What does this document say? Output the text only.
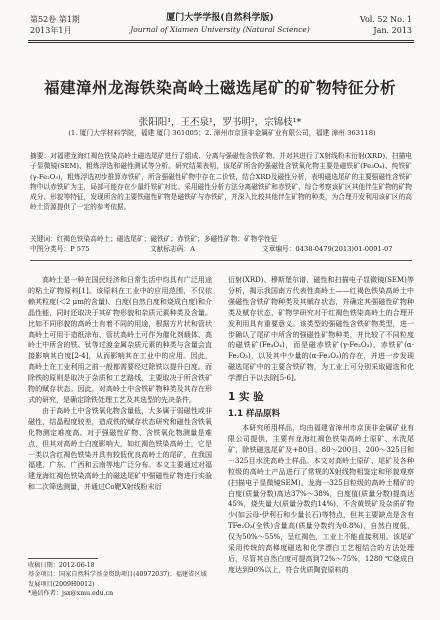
第52卷 第1期
2013年1月
厦门大学学报(自然科学版)
Journal of Xiamen University (Natural Science)
Vol. 52 No. 1
Jan. 2013
福建漳州龙海铁染高岭土磁选尾矿的矿物特征分析
张阳阳¹，王丕泉¹，罗书明²，宗锦枝¹*
(1. 厦门大学材料学院，福建 厦门 361005；2. 漳州市京顶非金属矿业有限公司，福建 漳州 363118)
摘要：对福建龙海红褐色铁染高岭土磁选尾矿进行了组成、分离与强磁性含铁矿物、并对其进行了X射线粉末衍射(XRD)、扫描电子显微镜(SEM)、粗炼浮选和磁性测试等分析。研究结果表明，该尾矿所含的强磁性含铁氧化物主要是磁铁矿(Fe₃O₄)、纯铁矿(γ-Fe₂O₃)，粗炼浮选初步推算赤铁矿，所含强磁性矿物中存在二价铁，结合XRD及磁性分析，表明磁选尾矿的主要强磁性含铁矿物中以赤铁矿为主，局部可能存在少量纤铁矿对比。采用磁性分析方法分离磁铁矿和赤铁矿，综合考察该矿区其他伴生矿物的矿物成分、形貌等特征，发现所含的主要铁磁性矿物是磁铁矿与赤铁矿，并深入比较其他伴生矿物的种类，为合理开发利用该矿区的高岭土资源提供了一定的参考依据。
关键词：红褐色铁染高岭土；磁选尾矿；磁铁矿；赤铁矿；多磁性矿物；矿物学性征
中图分类号：P 575	文献标志码：A	文章编号：0438-0479(2013)01-0091-07

高岭土是一种在国民经济和日常生活中均具有广泛用途的粘土矿物原料[1]。该原料在工业中的应用范围，不仅依赖其粒度(＜2 μm的含量)、白度(自然白度和烧成白度)和介晶性能，同时还取决于其矿物形貌和杂质元素种类及含量。比如不同形貌的高岭土有着不同的用途，根据方片状和管状高岭土可用于造纸涂布、管状高岭土可作为催化剂载体、高岭土中所含的铁、钛等过渡金属杂质元素的种类与含量会直接影响其白度[2-4]，从而影响其在工业中的应用。因此，高岭土在工业利用之前一般都需要经过除铁以提升白度。而除铁的原则是取决于杂质和工艺路线，主要取决于所含铁矿物的赋存状态。因此，对高岭土中含铁矿物种类及其存在形式的研究，是确定除铁处理工艺及其选型的先决条件。

由于高岭土中含铁氧化物含量低，大多属于弱磁性或非磁性，结晶程度较差，造成铁的赋存状态研究和磁性含铁氧化物测定难度高。对于强磁性矿物、含铁氧化物测量是难点，但其对高岭土白度影响大，如红褐色铁染高岭土，它是一类以含红褐色铁染并具有较低优良高岭土的尾矿，在我国福建、广东、广西和云南等地广泛分布。本文主要通过对福建龙海红褐色铁染高岭土的磁选尾矿中强磁性矿物进行实验和二次筛选测量，并通过Co靶X射线粉末衍

收稿日期：2012-06-18
基金项目：国家自然科学基金资助项目(40972037)；福建省区域发展项目(2009H0012)
*通信作者：jsx@xmu.edu.cn

衍射(XRD)、穆斯堡尔谱、磁性和扫描电子显微镜(SEM)等分析，揭示我国南方代表性高岭土——红褐色铁染高岭土中强磁性含铁矿物种类及其赋存状态，并确定其强磁性矿物种类及赋存状态，矿物学研究对于红褐色铁染高岭土的合理开发利用具有重要意义。该类型的强磁性含铁矿物类型，进一步确认了尾矿中所含的强磁性矿物种类，并比较了不同粒度的磁铁矿(Fe₃O₄)，而是磁赤铁矿(γ-Fe₂O₃)、赤铁矿(α-Fe₂O₃)，以及其中少量的(α-Fe₂O₃)的存在，并进一步发现磁选尾矿中的主要含铁矿物，为工业上可分别采取磁选和化学漂白予以去除[5-6]。

1 实 验
1.1 样品原料

本研究所用样品，均由福建省漳州市京顶非金属矿业有限公司提供，主要有龙海红褐色铁染高岭土原矿、水洗尾矿、除铁磁选尾矿及+80目、80～200目、200～325目和－325目水洗高岭土样品。本文对高岭土原矿、尾矿及各种粒级的高岭土产品进行了常规的X射线物相鉴定和形貌观察(扫描电子显微镜SEM)。龙海一325目粒级的高岭土精矿的白度(质量分数)高达37%～38%，白度值(质量分数)提高达45%，烧失量大(质量分数约14%)，不含黄铁矿及杂质矿物少(如云母-伊利石和少量长石)等特点，但其主要缺点是含有TFe₂O₃(全铁)含量高(质量分数约为0.8%)，自然白度低，仅为50%～55%，呈红褐色，工业上不能直接利用。该尾矿采用传统的高梯度磁选和化学漂白工艺相结合的方法处理后，尽管其自然白度可提高到72%～75%，1280 ℃烧成白度达到90%以上，符合优质陶瓷原料的
